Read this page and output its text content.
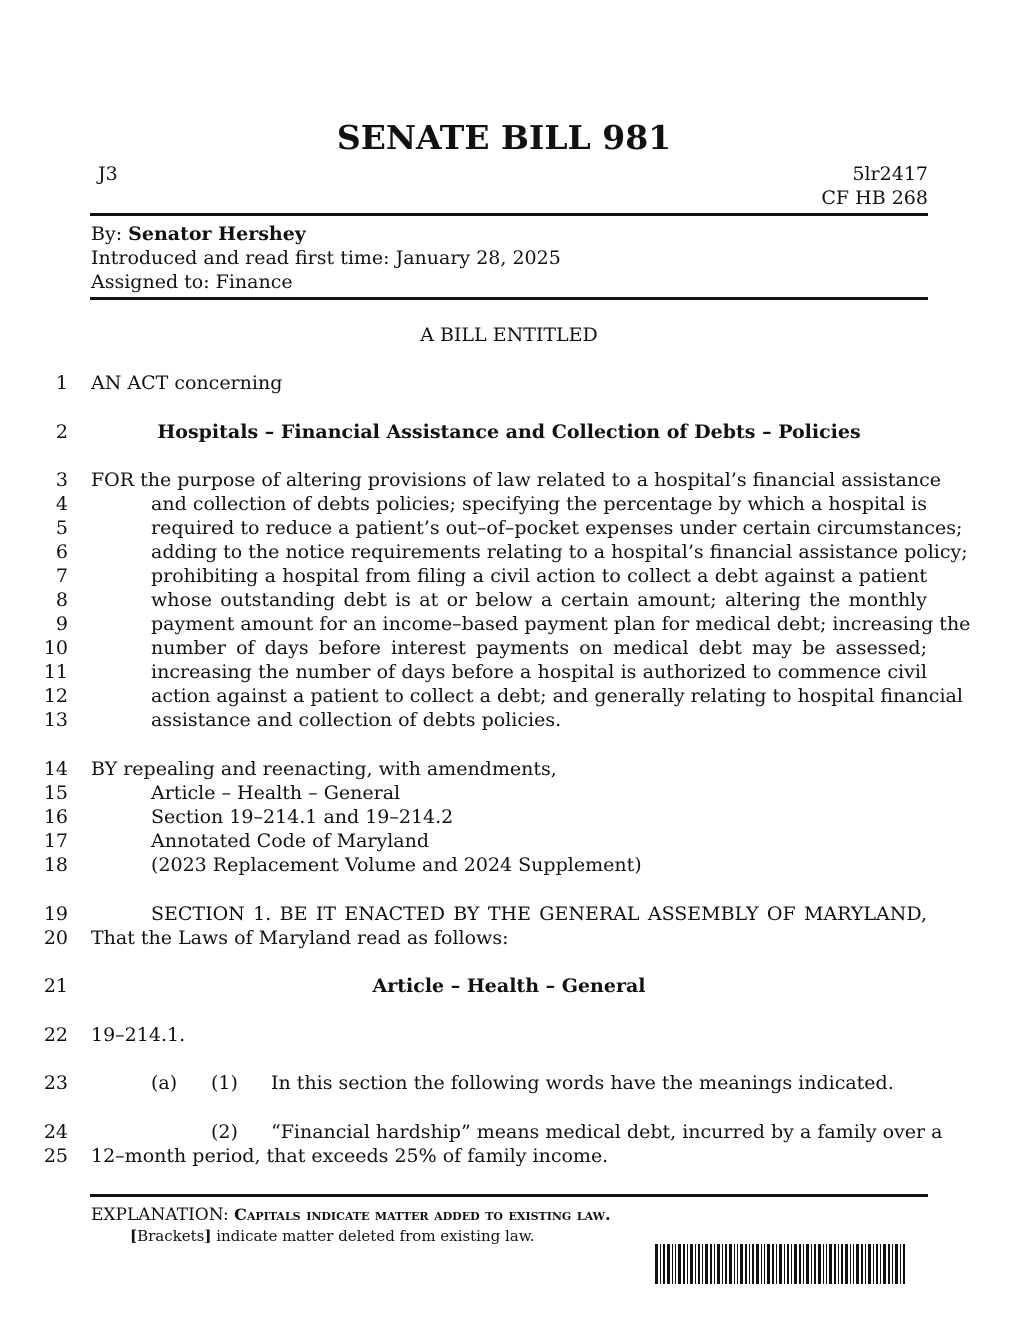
SENATE BILL 981
J3	5lr2417
CF HB 268
By: Senator Hershey
Introduced and read first time: January 28, 2025
Assigned to: Finance
A BILL ENTITLED
1
2
3
4
5
6
7
8
9
10
11
12
13
14
15
16
17
18
19
20
21
22
23
24
25
AN ACT concerning
Hospitals – Financial Assistance and Collection of Debts – Policies
FOR the purpose of altering provisions of law related to a hospital’s financial assistance
and collection of debts policies; specifying the percentage by which a hospital is
required to reduce a patient’s out–of–pocket expenses under certain circumstances;
adding to the notice requirements relating to a hospital’s financial assistance policy;
prohibiting a hospital from filing a civil action to collect a debt against a patient
whose outstanding debt is at or below a certain amount; altering the monthly
payment amount for an income–based payment plan for medical debt; increasing the
number of days before interest payments on medical debt may be assessed;
increasing the number of days before a hospital is authorized to commence civil
action against a patient to collect a debt; and generally relating to hospital financial
assistance and collection of debts policies.
BY repealing and reenacting, with amendments,
Article – Health – General
Section 19–214.1 and 19–214.2
Annotated Code of Maryland
(2023 Replacement Volume and 2024 Supplement)
SECTION 1. BE IT ENACTED BY THE GENERAL ASSEMBLY OF MARYLAND,
That the Laws of Maryland read as follows:
Article – Health – General
19–214.1.
(a) (1) In this section the following words have the meanings indicated.
(2) “Financial hardship” means medical debt, incurred by a family over a
12–month period, that exceeds 25% of family income.
EXPLANATION: Capitals indicate matter added to existing law.
[Brackets] indicate matter deleted from existing law.
